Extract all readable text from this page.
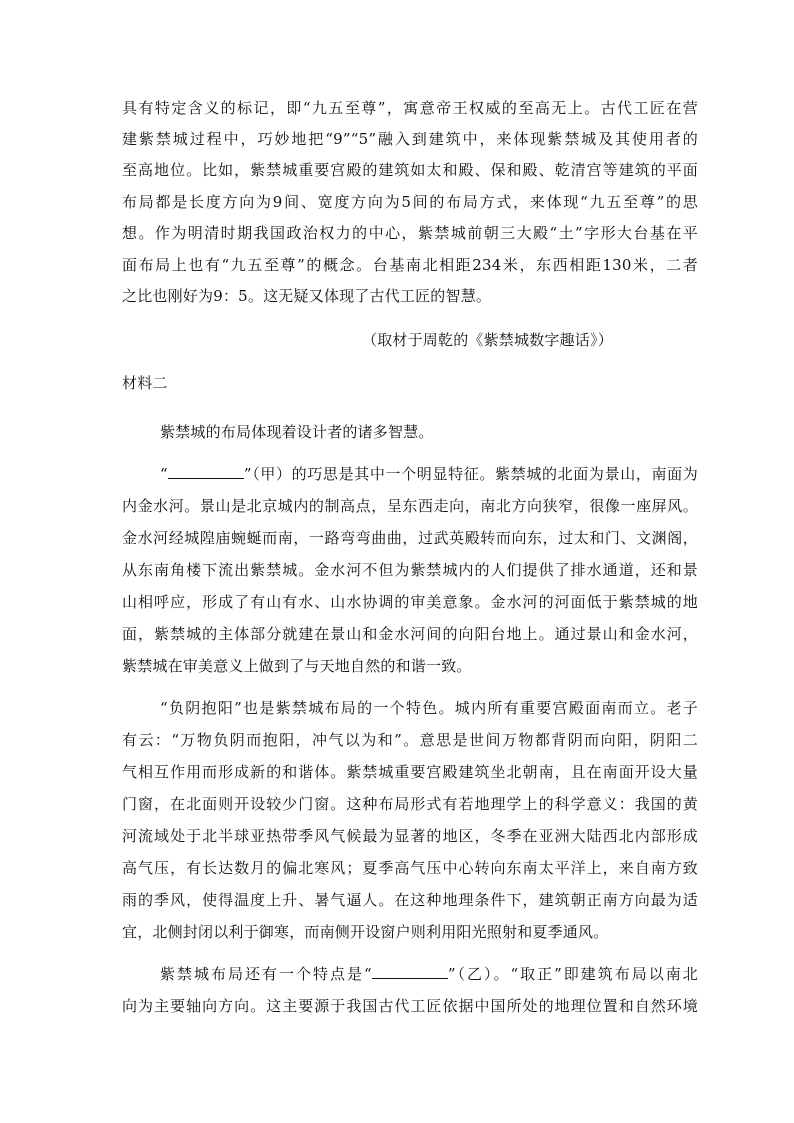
具有特定含义的标记，即“九五至尊”，寓意帝王权威的至高无上。古代工匠在营
建紫禁城过程中，巧妙地把“9”“5”融入到建筑中，来体现紫禁城及其使用者的
至高地位。比如，紫禁城重要宫殿的建筑如太和殿、保和殿、乾清宫等建筑的平面
布局都是长度方向为9间、宽度方向为5间的布局方式，来体现“九五至尊”的思
想。作为明清时期我国政治权力的中心，紫禁城前朝三大殿“土”字形大台基在平
面布局上也有“九五至尊”的概念。台基南北相距234米，东西相距130米，二者
之比也刚好为9：5。这无疑又体现了古代工匠的智慧。
（取材于周乾的《紫禁城数字趣话》）
材料二
紫禁城的布局体现着设计者的诸多智慧。
“	”（甲）的巧思是其中一个明显特征。紫禁城的北面为景山，南面为
内金水河。景山是北京城内的制高点，呈东西走向，南北方向狭窄，很像一座屏风。
金水河经城隍庙蜿蜒而南，一路弯弯曲曲，过武英殿转而向东，过太和门、文渊阁，
从东南角楼下流出紫禁城。金水河不但为紫禁城内的人们提供了排水通道，还和景
山相呼应，形成了有山有水、山水协调的审美意象。金水河的河面低于紫禁城的地
面，紫禁城的主体部分就建在景山和金水河间的向阳台地上。通过景山和金水河，
紫禁城在审美意义上做到了与天地自然的和谐一致。
“负阴抱阳”也是紫禁城布局的一个特色。城内所有重要宫殿面南而立。老子
有云：“万物负阴而抱阳，冲气以为和”。意思是世间万物都背阴而向阳，阴阳二
气相互作用而形成新的和谐体。紫禁城重要宫殿建筑坐北朝南，且在南面开设大量
门窗，在北面则开设较少门窗。这种布局形式有若地理学上的科学意义：我国的黄
河流域处于北半球亚热带季风气候最为显著的地区，冬季在亚洲大陆西北内部形成
高气压，有长达数月的偏北寒风；夏季高气压中心转向东南太平洋上，来自南方致
雨的季风，使得温度上升、暑气逼人。在这种地理条件下，建筑朝正南方向最为适
宜，北侧封闭以利于御寒，而南侧开设窗户则利用阳光照射和夏季通风。
紫禁城布局还有一个特点是“	”（乙）。“取正”即建筑布局以南北
向为主要轴向方向。这主要源于我国古代工匠依据中国所处的地理位置和自然环境
